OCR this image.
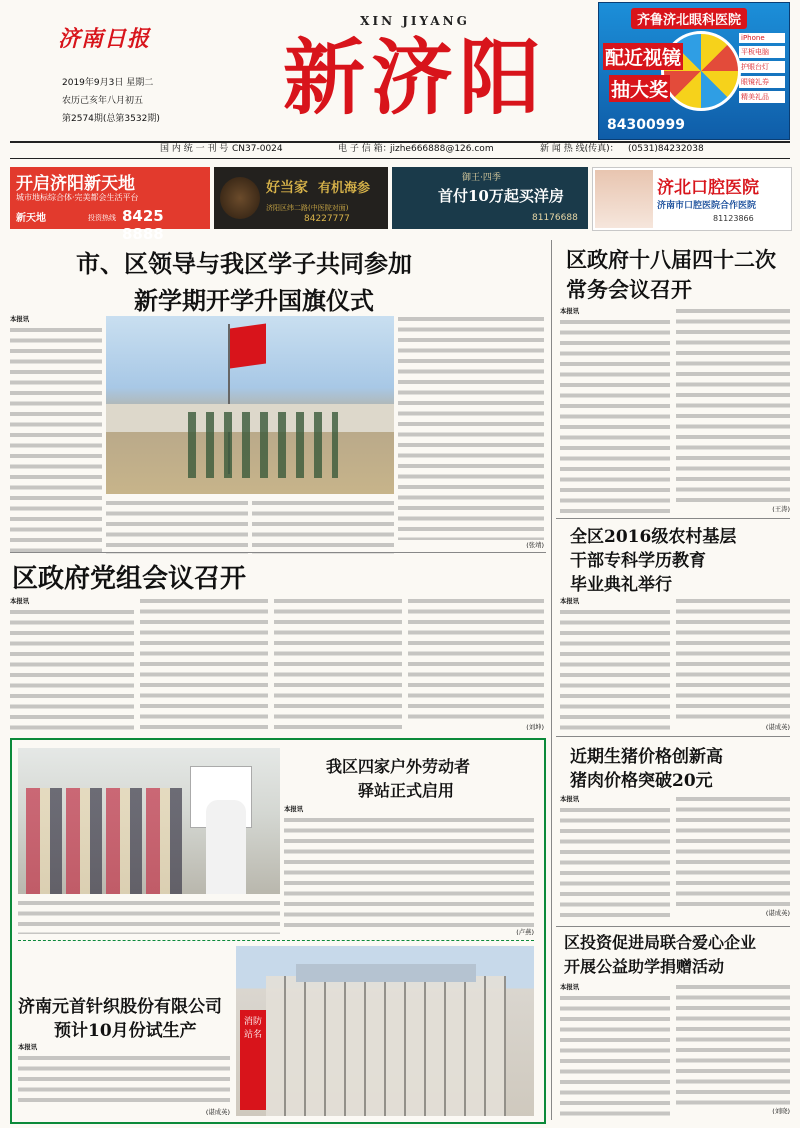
济南日报
2019年9月3日 星期二
农历己亥年八月初五
第2574期(总第3532期)
XIN JIYANG
新济阳
齐鲁济北眼科医院
配近视镜
抽大奖
iPhone
平板电脑
护眼台灯
眼镜礼券
精美礼品
84300999
国 内 统 一 刊 号 CN37-0024	电 子 信 箱：
jizhe666888@126.com	新 闻 热 线(传真)： (0531)84232038
开启济阳新天地
城市地标综合体·完美都会生活平台
新天地	投资热线 8425 8888
好当家 有机海参
济阳区纬二路(中医院对面)
84227777
御王·四季
首付10万起买洋房
81176688
济北口腔医院
济南市口腔医院合作医院
81123866
市、区领导与我区学子共同参加
新学期开学升国旗仪式
本报讯
(张靖)
区政府十八届四十二次
常务会议召开
本报讯
(王涛)
区政府党组会议召开
本报讯
(刘坤)
全区2016级农村基层
干部专科学历教育
毕业典礼举行
本报讯
(谌成英)
我区四家户外劳动者
驿站正式启用
本报讯
(卢燕)
消防站名
济南元首针织股份有限公司
预计10月份试生产
本报讯
(谌成英)
近期生猪价格创新高
猪肉价格突破20元
本报讯
(谌成英)
区投资促进局联合爱心企业
开展公益助学捐赠活动
本报讯
(刘晓)
